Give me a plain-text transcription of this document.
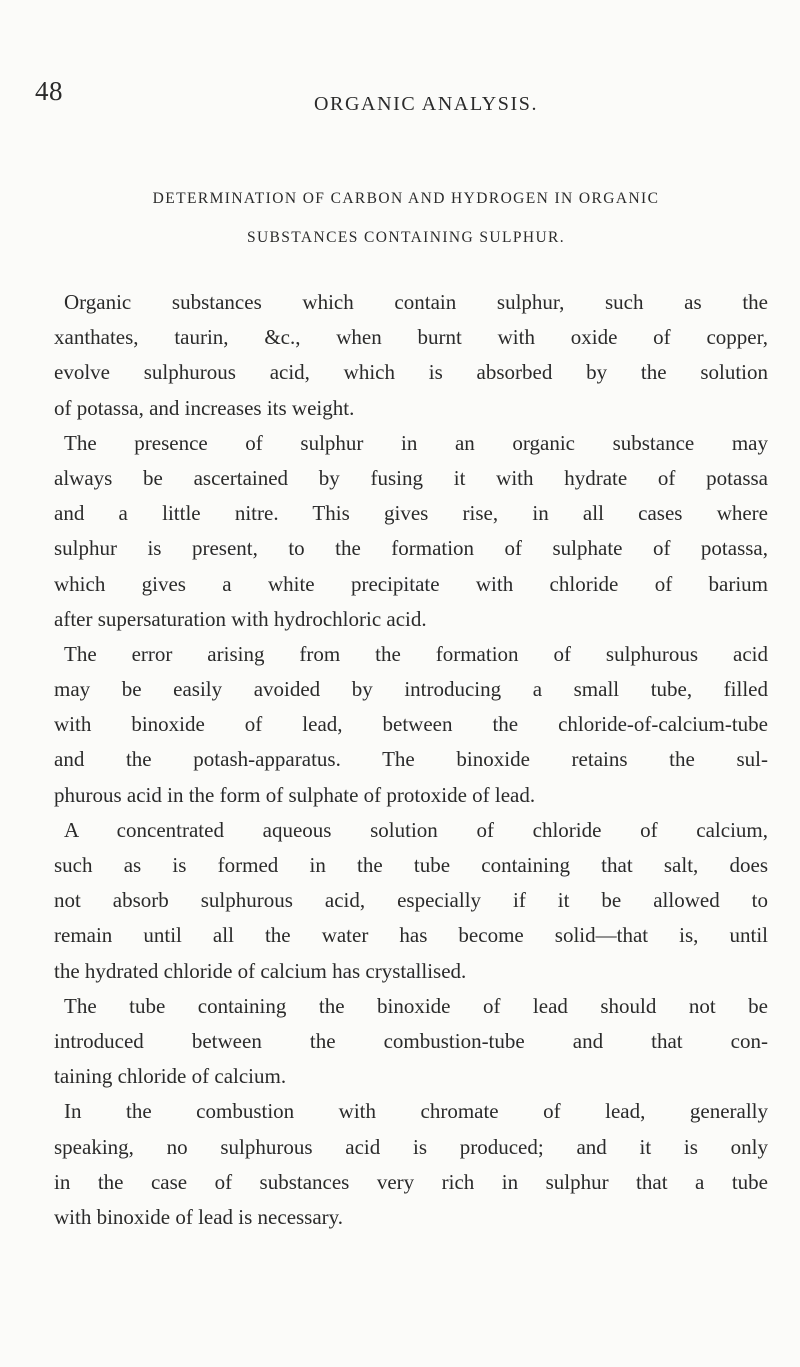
48	ORGANIC ANALYSIS.
DETERMINATION OF CARBON AND HYDROGEN IN ORGANIC
SUBSTANCES CONTAINING SULPHUR.
Organic substances which contain sulphur, such as the
xanthates, taurin, &c., when burnt with oxide of copper,
evolve sulphurous acid, which is absorbed by the solution
of potassa, and increases its weight.
The presence of sulphur in an organic substance may
always be ascertained by fusing it with hydrate of potassa
and a little nitre. This gives rise, in all cases where
sulphur is present, to the formation of sulphate of potassa,
which gives a white precipitate with chloride of barium
after supersaturation with hydrochloric acid.
The error arising from the formation of sulphurous acid
may be easily avoided by introducing a small tube, filled
with binoxide of lead, between the chloride-of-calcium-tube
and the potash-apparatus. The binoxide retains the sul-
phurous acid in the form of sulphate of protoxide of lead.
A concentrated aqueous solution of chloride of calcium,
such as is formed in the tube containing that salt, does
not absorb sulphurous acid, especially if it be allowed to
remain until all the water has become solid—that is, until
the hydrated chloride of calcium has crystallised.
The tube containing the binoxide of lead should not be
introduced between the combustion-tube and that con-
taining chloride of calcium.
In the combustion with chromate of lead, generally
speaking, no sulphurous acid is produced; and it is only
in the case of substances very rich in sulphur that a tube
with binoxide of lead is necessary.
